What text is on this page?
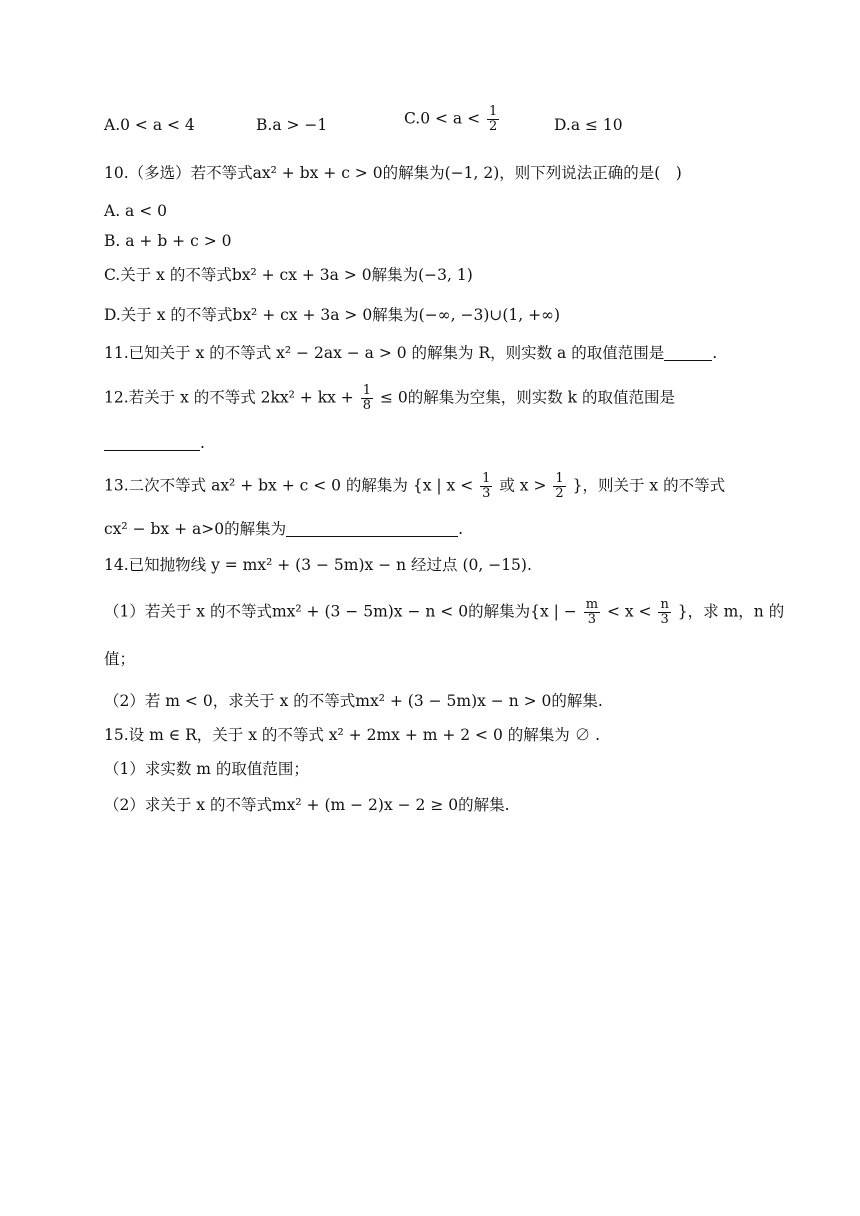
A.0 < a < 4	B.a > −1	$C.0 < a < \frac{1}{2}$	D.a ≤ 10
10.（多选）若不等式ax² + bx + c > 0的解集为(−1, 2)，则下列说法正确的是(　)
A. a < 0
B. a + b + c > 0
C.关于 x 的不等式bx² + cx + 3a > 0解集为(−3, 1)
D.关于 x 的不等式bx² + cx + 3a > 0解集为(−∞, −3)∪(1, +∞)
11.已知关于 x 的不等式 x² − 2ax − a > 0 的解集为 R，则实数 a 的取值范围是	.
12.若关于 x 的不等式 2kx² + kx + $\frac{1}{8} \le 0$的解集为空集，则实数 k 的取值范围是
.
13.二次不等式 ax² + bx + c < 0 的解集为 {x | $x < \frac{1}{3}$ 或 $x > \frac{1}{2}$ }，则关于 x 的不等式
cx² − bx + a>0的解集为	.
14.已知抛物线 y = mx² + (3 − 5m)x − n 经过点 (0, −15).
（1）若关于 x 的不等式mx² + (3 − 5m)x − n < 0的解集为{x | − $\frac{m}{3} < x < \frac{n}{3}$ }，求 m，n 的
值；
（2）若 m < 0，求关于 x 的不等式mx² + (3 − 5m)x − n > 0的解集.
15.设 m ∈ R，关于 x 的不等式 x² + 2mx + m + 2 < 0 的解集为 ∅ .
（1）求实数 m 的取值范围；
（2）求关于 x 的不等式mx² + (m − 2)x − 2 ≥ 0的解集.
